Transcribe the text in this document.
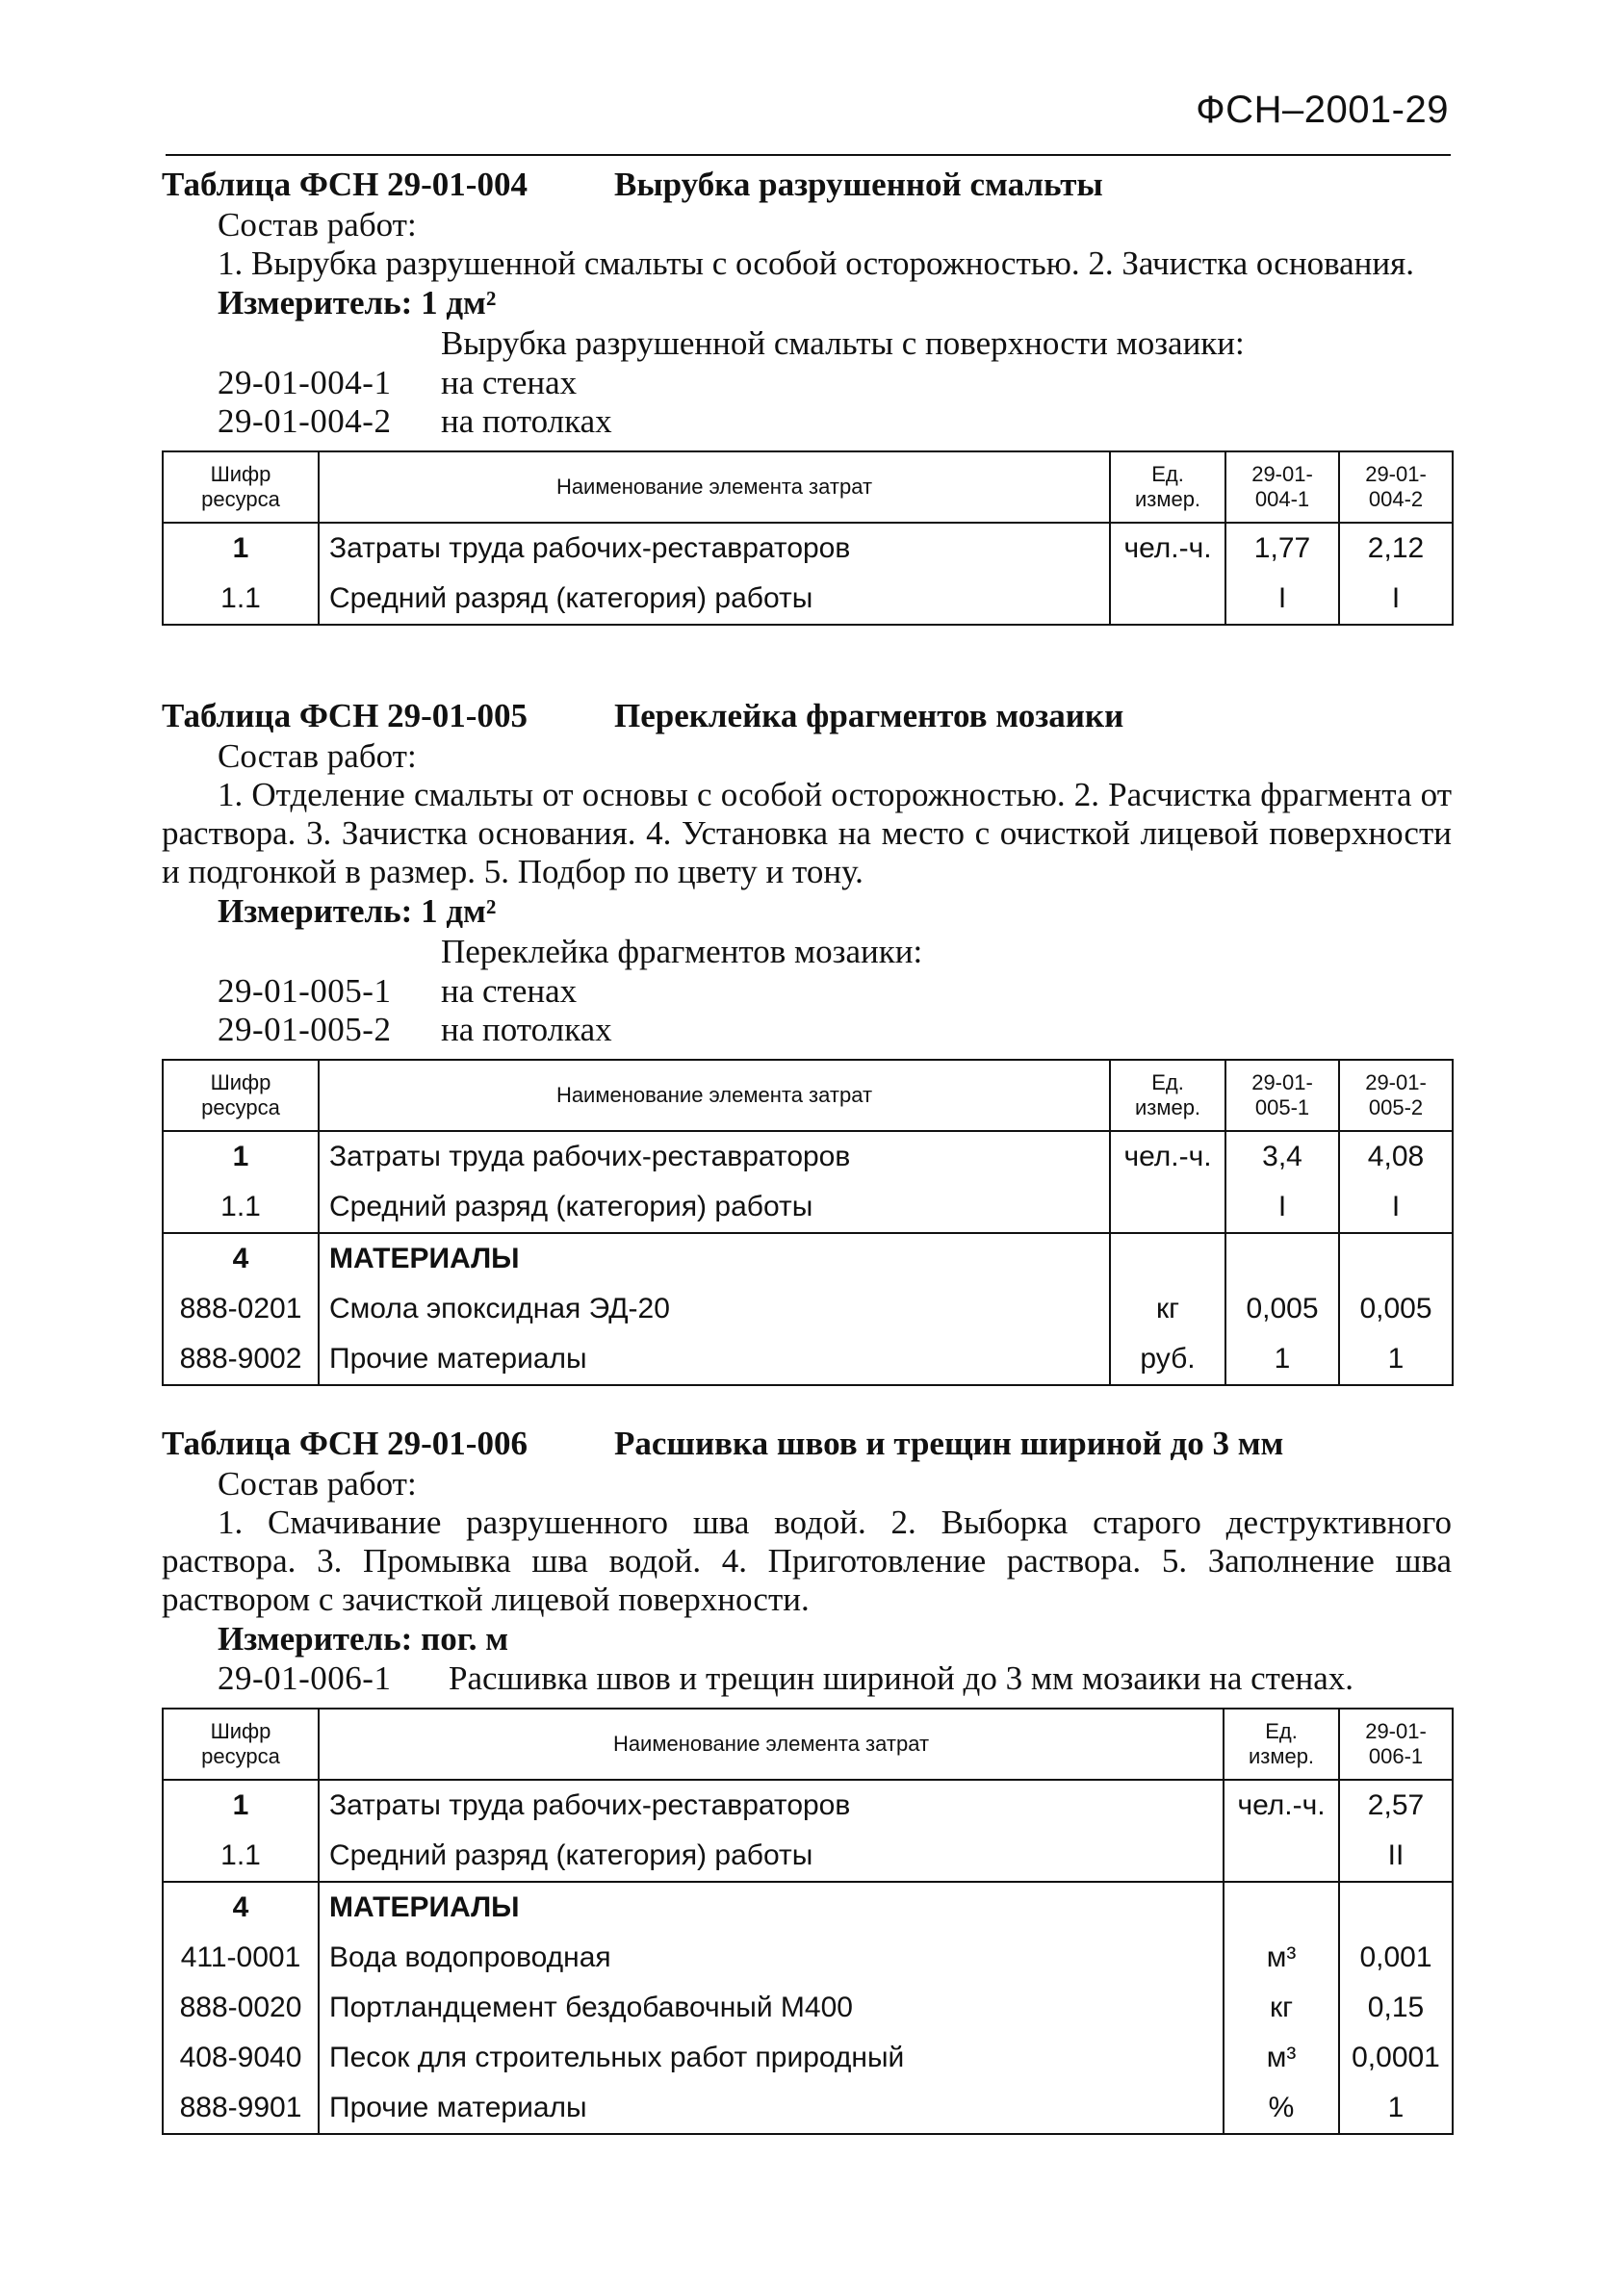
ФСН–2001-29
Таблица ФСН 29-01-004	Вырубка разрушенной смальты
Состав работ:

1. Вырубка разрушенной смальты с особой осторожностью. 2. Зачистка основания.

Измеритель: 1 дм²
Вырубка разрушенной смальты с поверхности мозаики:
29-01-004-1	на стенах
29-01-004-2	на потолках
Шифр ресурса	Наименование элемента затрат	Ед. измер.	29-01-004-1	29-01-004-2
1	Затраты труда рабочих-реставраторов	чел.-ч.	1,77	2,12
1.1	Средний разряд (категория) работы		I	I
Таблица ФСН 29-01-005	Переклейка фрагментов мозаики
Состав работ:

1. Отделение смальты от основы с особой осторожностью. 2. Расчистка фрагмента от раствора. 3. Зачистка основания. 4. Установка на место с очисткой лицевой поверхности и подгонкой в размер. 5. Подбор по цвету и тону.

Измеритель: 1 дм²
Переклейка фрагментов мозаики:
29-01-005-1	на стенах
29-01-005-2	на потолках
Шифр ресурса	Наименование элемента затрат	Ед. измер.	29-01-005-1	29-01-005-2
1	Затраты труда рабочих-реставраторов	чел.-ч.	3,4	4,08
1.1	Средний разряд (категория) работы		I	I
4	МАТЕРИАЛЫ			
888-0201	Смола эпоксидная ЭД-20	кг	0,005	0,005
888-9002	Прочие материалы	руб.	1	1
Таблица ФСН 29-01-006	Расшивка швов и трещин шириной до 3 мм
Состав работ:

1. Смачивание разрушенного шва водой. 2. Выборка старого деструктивного раствора. 3. Промывка шва водой. 4. Приготовление раствора. 5. Заполнение шва раствором с зачисткой лицевой поверхности.

Измеритель: пог. м
29-01-006-1	Расшивка швов и трещин шириной до 3 мм мозаики на стенах.
Шифр ресурса	Наименование элемента затрат	Ед. измер.	29-01-006-1
1	Затраты труда рабочих-реставраторов	чел.-ч.	2,57
1.1	Средний разряд (категория) работы		II
4	МАТЕРИАЛЫ		
411-0001	Вода водопроводная	м³	0,001
888-0020	Портландцемент бездобавочный М400	кг	0,15
408-9040	Песок для строительных работ природный	м³	0,0001
888-9901	Прочие материалы	%	1
